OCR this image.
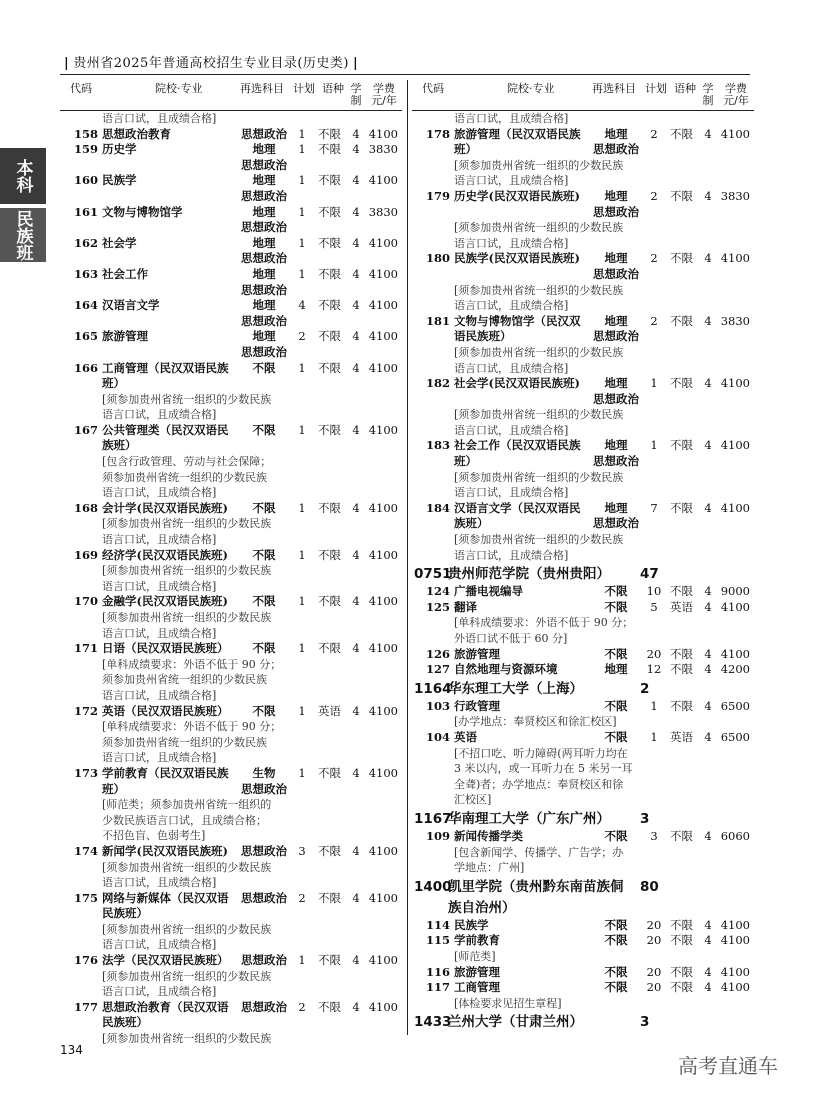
| 贵州省2025年普通高校招生专业目录(历史类) |
本科
民族班
代码	院校·专业	再选科目 计划 语种 学制
学费元/年
语言口试，且成绩合格]
158 思想政治教育	思想政治 1	不限 4 4100
159 历史学	地理	1	不限 4 3830
思想政治
160 民族学	地理	1	不限 4 4100
思想政治
161 文物与博物馆学	地理	1	不限 4 3830
思想政治
162 社会学	地理	1	不限 4 4100
思想政治
163 社会工作	地理	1	不限 4 4100
思想政治
164 汉语言文学	地理	4	不限 4 4100
思想政治
165 旅游管理	地理	2	不限 4 4100
思想政治
166 工商管理（民汉双语民族	不限	1	不限 4 4100
班）
[须参加贵州省统一组织的少数民族
语言口试，且成绩合格]
167 公共管理类（民汉双语民	不限	1	不限 4 4100
族班）
[包含行政管理、劳动与社会保障；
须参加贵州省统一组织的少数民族
语言口试，且成绩合格]
168 会计学(民汉双语民族班)	不限	1	不限 4 4100
[须参加贵州省统一组织的少数民族
语言口试，且成绩合格]
169 经济学(民汉双语民族班)	不限	1	不限 4 4100
[须参加贵州省统一组织的少数民族
语言口试，且成绩合格]
170 金融学(民汉双语民族班)	不限	1	不限 4 4100
[须参加贵州省统一组织的少数民族
语言口试，且成绩合格]
171 日语（民汉双语民族班）	不限	1	不限 4 4100
[单科成绩要求：外语不低于 90 分；
须参加贵州省统一组织的少数民族
语言口试，且成绩合格]
172 英语（民汉双语民族班）	不限	1	英语 4 4100
[单科成绩要求：外语不低于 90 分；
须参加贵州省统一组织的少数民族
语言口试，且成绩合格]
173 学前教育（民汉双语民族	生物	1	不限 4 4100
班）	思想政治
[师范类；须参加贵州省统一组织的
少数民族语言口试，且成绩合格；
不招色盲、色弱考生]
174 新闻学(民汉双语民族班)	思想政治 3	不限 4 4100
[须参加贵州省统一组织的少数民族
语言口试，且成绩合格]
175 网络与新媒体（民汉双语	思想政治 2	不限 4 4100
民族班）
[须参加贵州省统一组织的少数民族
语言口试，且成绩合格]
176 法学（民汉双语民族班）	思想政治 1	不限 4 4100
[须参加贵州省统一组织的少数民族
语言口试，且成绩合格]
177 思想政治教育（民汉双语	思想政治 2	不限 4 4100
民族班）
[须参加贵州省统一组织的少数民族
代码	院校·专业	再选科目 计划 语种 学制
学费元/年
语言口试，且成绩合格]
178 旅游管理（民汉双语民族	地理	2	不限 4 4100
班）	思想政治
[须参加贵州省统一组织的少数民族
语言口试，且成绩合格]
179 历史学(民汉双语民族班)	地理	2	不限 4 3830
思想政治
[须参加贵州省统一组织的少数民族
语言口试，且成绩合格]
180 民族学(民汉双语民族班)	地理	2	不限 4 4100
思想政治
[须参加贵州省统一组织的少数民族
语言口试，且成绩合格]
181 文物与博物馆学（民汉双	地理	2	不限 4 3830
语民族班）	思想政治
[须参加贵州省统一组织的少数民族
语言口试，且成绩合格]
182 社会学(民汉双语民族班)	地理	1	不限 4 4100
思想政治
[须参加贵州省统一组织的少数民族
语言口试，且成绩合格]
183 社会工作（民汉双语民族	地理	1	不限 4 4100
班）	思想政治
[须参加贵州省统一组织的少数民族
语言口试，且成绩合格]
184 汉语言文学（民汉双语民	地理	7	不限 4 4100
族班）	思想政治
[须参加贵州省统一组织的少数民族
语言口试，且成绩合格]
0751
贵州师范学院（贵州贵阳） 47
124 广播电视编导	不限	10 不限 4 9000
125 翻译	不限	5	英语 4 4100
[单科成绩要求：外语不低于 90 分；
外语口试不低于 60 分]
126 旅游管理	不限	20 不限 4 4100
127 自然地理与资源环境	地理	12 不限 4 4200
1164
华东理工大学（上海）	2
103 行政管理	不限	1	不限 4 6500
[办学地点：奉贤校区和徐汇校区]
104 英语	不限	1	英语 4 6500
[不招口吃、听力障碍(两耳听力均在
3 米以内，或一耳听力在 5 米另一耳
全聋)者；办学地点：奉贤校区和徐
汇校区]
1167
华南理工大学（广东广州） 3
109 新闻传播学类	不限	3	不限 4 6060
[包含新闻学、传播学、广告学；办
学地点：广州]
1400
凯里学院（贵州黔东南苗族侗 80
族自治州）
114 民族学	不限	20 不限 4 4100
115 学前教育	不限	20 不限 4 4100
[师范类]
116 旅游管理	不限	20 不限 4 4100
117 工商管理	不限	20 不限 4 4100
[体检要求见招生章程]
1433
兰州大学（甘肃兰州）	3
134
高考直通车
